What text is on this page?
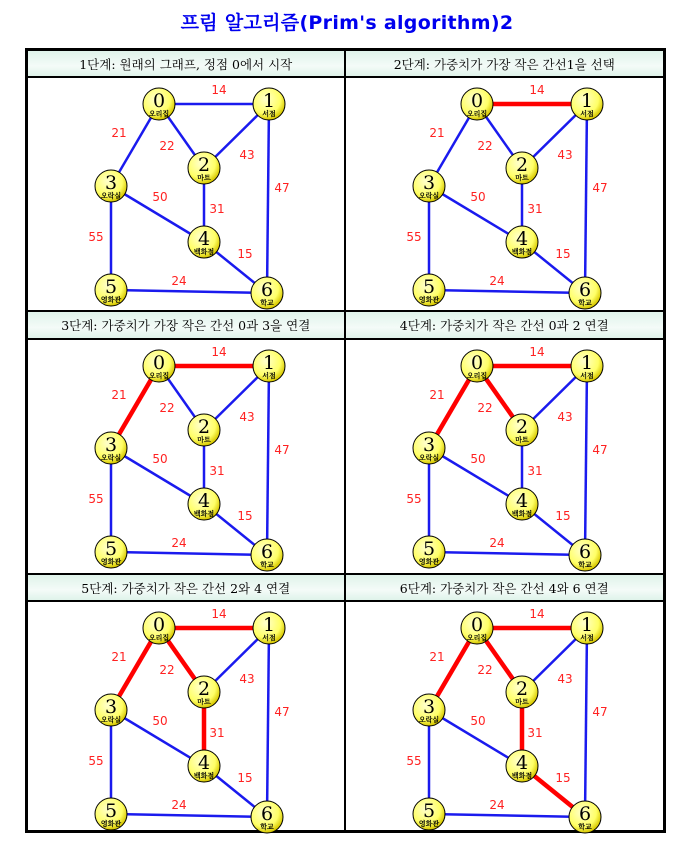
프림 알고리즘(Prim's algorithm)2
1단계: 원래의 그래프, 정점 0에서 시작	2단계: 가중치가 가장 작은 간선1을 선택
14
21
22
43
47
50
31
55
15
24
0
오리집
1
서점
2
마트
3
오락실
4
백화점
5
영화관	6
학교
14
21
22
43
47
50
31
55
15
24
0
오리집
1
서점
2
마트
3
오락실
4
백화점
5
영화관	6
학교
3단계: 가중치가 가장 작은 간선 0과 3을 연결	4단계: 가중치가 작은 간선 0과 2 연결
14
21
22
43
47
50
31
55
15
24
0
오리집
1
서점
2
마트
3
오락실
4
백화점
5
영화관	6
학교
14
21
22
43
47
50
31
55
15
24
0
오리집
1
서점
2
마트
3
오락실
4
백화점
5
영화관	6
학교
5단계: 가중치가 작은 간선 2와 4 연결	6단계: 가중치가 작은 간선 4와 6 연결
14
21
22
43
47
50
31
55
15
24
0
오리집
1
서점
2
마트
3
오락실
4
백화점
5
영화관	6
학교
14
21
22
43
47
50
31
55
15
24
0
오리집
1
서점
2
마트
3
오락실
4
백화점
5
영화관	6
학교
